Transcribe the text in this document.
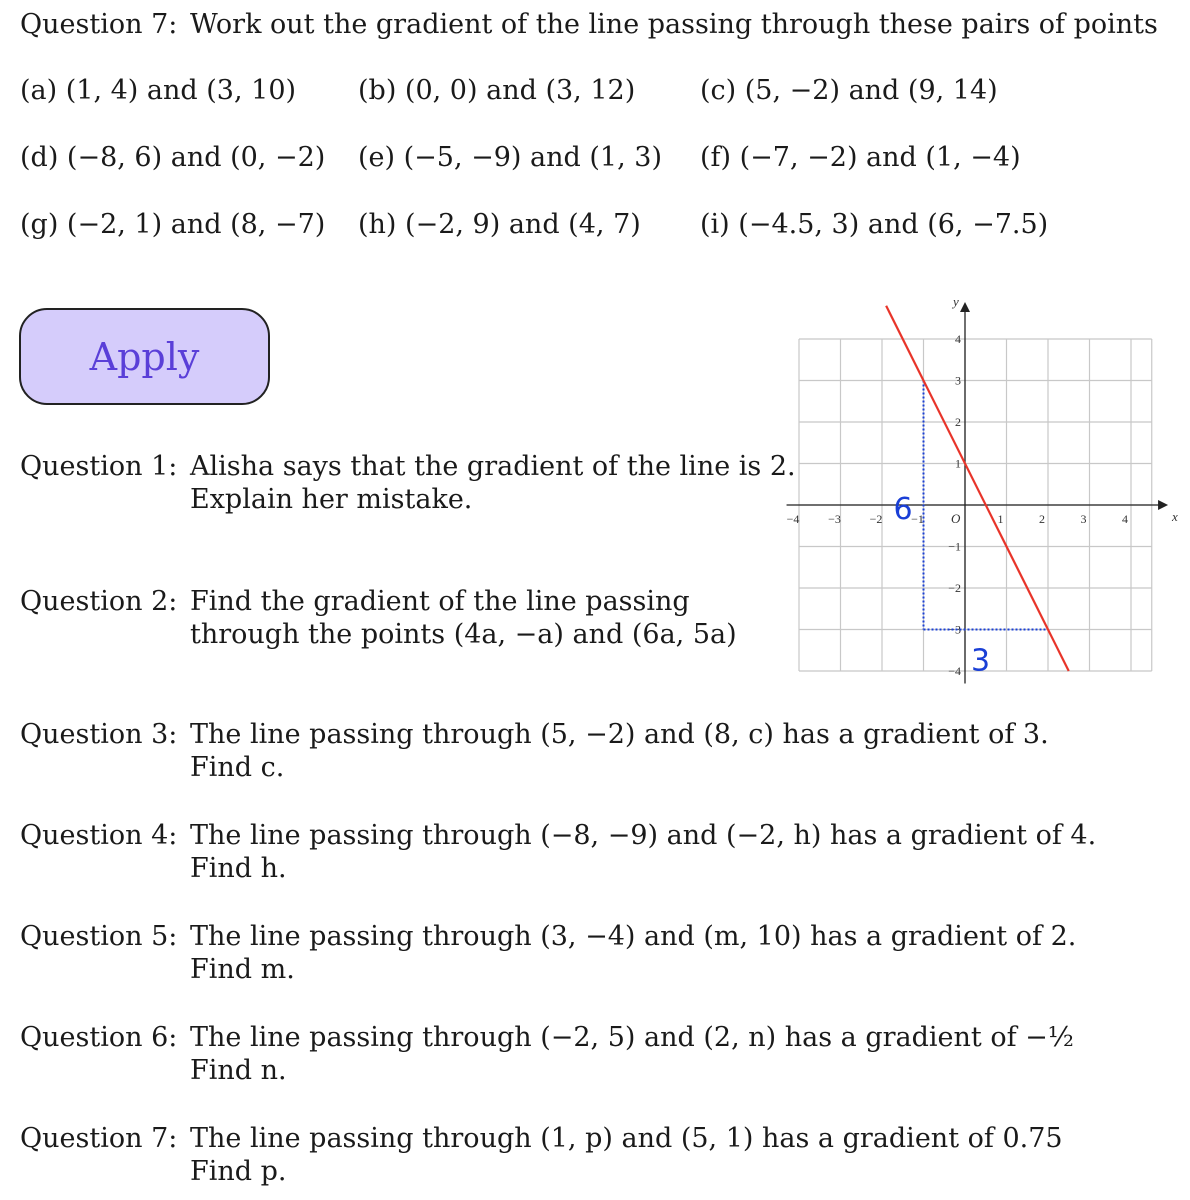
Question 7: Work out the gradient of the line passing through these pairs of points
(a) (1, 4) and (3, 10) (b) (0, 0) and (3, 12) (c) (5, −2) and (9, 14)
(d) (−8, 6) and (0, −2) (e) (−5, −9) and (1, 3) (f) (−7, −2) and (1, −4)
(g) (−2, 1) and (8, −7) (h) (−2, 9) and (4, 7) (i) (−4.5, 3) and (6, −7.5)
Apply
Question 1: Alisha says that the gradient of the line is 2.
Explain her mistake.
Question 2: Find the gradient of the line passing
through the points (4a, −a) and (6a, 5a)
Question 3: The line passing through (5, −2) and (8, c) has a gradient of 3.
Find c.
Question 4: The line passing through (−8, −9) and (−2, h) has a gradient of 4.
Find h.
Question 5: The line passing through (3, −4) and (m, 10) has a gradient of 2.
Find m.
Question 6: The line passing through (−2, 5) and (2, n) has a gradient of −½
Find n.
Question 7: The line passing through (1, p) and (5, 1) has a gradient of 0.75
Find p.
x
y
O
−4 −3 −2 −1	1	2	3	4
4
3
2
1
−1
−2
−3
−4
6
3
